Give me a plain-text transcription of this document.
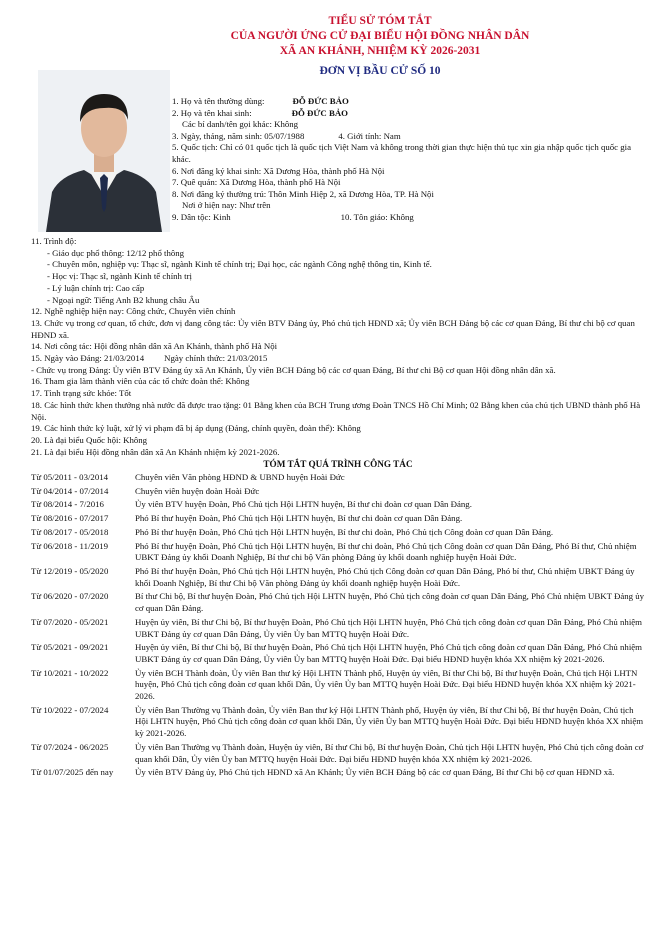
TIỂU SỬ TÓM TẮT
CỦA NGƯỜI ỨNG CỬ ĐẠI BIỂU HỘI ĐỒNG NHÂN DÂN
XÃ AN KHÁNH, NHIỆM KỲ 2026-2031
ĐƠN VỊ BẦU CỬ SỐ 10
1. Họ và tên thường dùng:	ĐỖ ĐỨC BẢO
2. Họ và tên khai sinh:	ĐỖ ĐỨC BẢO
Các bí danh/tên gọi khác: Không
3. Ngày, tháng, năm sinh: 05/07/1988	4. Giới tính: Nam
5. Quốc tịch: Chỉ có 01 quốc tịch là quốc tịch Việt Nam và không trong thời gian thực hiện thủ tục xin gia nhập quốc tịch quốc gia khác.
6. Nơi đăng ký khai sinh: Xã Dương Hòa, thành phố Hà Nội
7. Quê quán: Xã Dương Hòa, thành phố Hà Nội
8. Nơi đăng ký thường trú: Thôn Minh Hiệp 2, xã Dương Hòa, TP. Hà Nội
Nơi ở hiện nay: Như trên
9. Dân tộc: Kinh	10. Tôn giáo: Không
11. Trình độ:
- Giáo dục phổ thông: 12/12 phổ thông
- Chuyên môn, nghiệp vụ: Thạc sĩ, ngành Kinh tế chính trị; Đại học, các ngành Công nghệ thông tin, Kinh tế.
- Học vị: Thạc sĩ, ngành Kinh tế chính trị
- Lý luận chính trị: Cao cấp
- Ngoại ngữ: Tiếng Anh B2 khung châu Âu
12. Nghề nghiệp hiện nay: Công chức, Chuyên viên chính
13. Chức vụ trong cơ quan, tổ chức, đơn vị đang công tác: Ủy viên BTV Đảng ủy, Phó chủ tịch HĐND xã; Ủy viên BCH Đảng bộ các cơ quan Đảng, Bí thư chi bộ cơ quan HĐND xã.
14. Nơi công tác: Hội đồng nhân dân xã An Khánh, thành phố Hà Nội
15. Ngày vào Đảng: 21/03/2014 Ngày chính thức: 21/03/2015
- Chức vụ trong Đảng: Ủy viên BTV Đảng ủy xã An Khánh, Ủy viên BCH Đảng bộ các cơ quan Đảng, Bí thư chi Bộ cơ quan Hội đồng nhân dân xã.
16. Tham gia làm thành viên của các tổ chức đoàn thể: Không
17. Tình trạng sức khỏe: Tốt
18. Các hình thức khen thưởng nhà nước đã được trao tặng: 01 Bằng khen của BCH Trung ương Đoàn TNCS Hồ Chí Minh; 02 Bằng khen của chủ tịch UBND thành phố Hà Nội.
19. Các hình thức kỷ luật, xử lý vi phạm đã bị áp dụng (Đảng, chính quyền, đoàn thể): Không
20. Là đại biểu Quốc hội: Không
21. Là đại biểu Hội đồng nhân dân xã An Khánh nhiệm kỳ 2021-2026.
TÓM TẮT QUÁ TRÌNH CÔNG TÁC
Từ 05/2011 - 03/2014	Chuyên viên Văn phòng HĐND & UBND huyện Hoài Đức
Từ 04/2014 - 07/2014	Chuyên viên huyện đoàn Hoài Đức
Từ 08/2014 - 7/2016	Ủy viên BTV huyện Đoàn, Phó Chủ tịch Hội LHTN huyện, Bí thư chi đoàn cơ quan Dân Đảng.
Từ 08/2016 - 07/2017	Phó Bí thư huyện Đoàn, Phó Chủ tịch Hội LHTN huyện, Bí thư chi đoàn cơ quan Dân Đảng.
Từ 08/2017 - 05/2018	Phó Bí thư huyện Đoàn, Phó Chủ tịch Hội LHTN huyện, Bí thư chi đoàn, Phó Chủ tịch Công đoàn cơ quan Dân Đảng.
Từ 06/2018 - 11/2019	Phó Bí thư huyện Đoàn, Phó Chủ tịch Hội LHTN huyện, Bí thư chi đoàn, Phó Chủ tịch Công đoàn cơ quan Dân Đảng, Phó Bí thư, Chủ nhiệm UBKT Đảng ủy khối Doanh Nghiệp, Bí thư chi bộ Văn phòng Đảng ủy khối doanh nghiệp huyện Hoài Đức.
Từ 12/2019 - 05/2020	Phó Bí thư huyện Đoàn, Phó Chủ tịch Hội LHTN huyện, Phó Chủ tịch Công đoàn cơ quan Dân Đảng, Phó bí thư, Chủ nhiệm UBKT Đảng ủy khối Doanh Nghiệp, Bí thư Chi bộ Văn phòng Đảng ủy khối doanh nghiệp huyện Hoài Đức.
Từ 06/2020 - 07/2020	Bí thư Chi bộ, Bí thư huyện Đoàn, Phó Chủ tịch Hội LHTN huyện, Phó Chủ tịch công đoàn cơ quan Dân Đảng, Phó Chủ nhiệm UBKT Đảng ủy cơ quan Dân Đảng.
Từ 07/2020 - 05/2021	Huyện ủy viên, Bí thư Chi bộ, Bí thư huyện Đoàn, Phó Chủ tịch Hội LHTN huyện, Phó Chủ tịch công đoàn cơ quan Dân Đảng, Phó Chủ nhiệm UBKT Đảng ủy cơ quan Dân Đảng, Ủy viên Ủy ban MTTQ huyện Hoài Đức.
Từ 05/2021 - 09/2021	Huyện ủy viên, Bí thư Chi bộ, Bí thư huyện Đoàn, Phó Chủ tịch Hội LHTN huyện, Phó Chủ tịch công đoàn cơ quan Dân Đảng, Phó Chủ nhiệm UBKT Đảng ủy cơ quan Dân Đảng, Ủy viên Ủy ban MTTQ huyện Hoài Đức. Đại biểu HĐND huyện khóa XX nhiệm kỳ 2021-2026.
Từ 10/2021 - 10/2022	Ủy viên BCH Thành đoàn, Ủy viên Ban thư ký Hội LHTN Thành phố, Huyện ủy viên, Bí thư Chi bộ, Bí thư huyện Đoàn, Chủ tịch Hội LHTN huyện, Phó Chủ tịch công đoàn cơ quan khối Dân, Ủy viên Ủy ban MTTQ huyện Hoài Đức. Đại biểu HĐND huyện khóa XX nhiệm kỳ 2021-2026.
Từ 10/2022 - 07/2024	Ủy viên Ban Thường vụ Thành đoàn, Ủy viên Ban thư ký Hội LHTN Thành phố, Huyện ủy viên, Bí thư Chi bộ, Bí thư huyện Đoàn, Chủ tịch Hội LHTN huyện, Phó Chủ tịch công đoàn cơ quan khối Dân, Ủy viên Ủy ban MTTQ huyện Hoài Đức. Đại biểu HĐND huyện khóa XX nhiệm kỳ 2021-2026.
Từ 07/2024 - 06/2025	Ủy viên Ban Thường vụ Thành đoàn, Huyện ủy viên, Bí thư Chi bộ, Bí thư huyện Đoàn, Chủ tịch Hội LHTN huyện, Phó Chủ tịch công đoàn cơ quan khối Dân, Ủy viên Ủy ban MTTQ huyện Hoài Đức. Đại biểu HĐND huyện khóa XX nhiệm kỳ 2021-2026.
Từ 01/07/2025 đến nay	Ủy viên BTV Đảng ủy, Phó Chủ tịch HĐND xã An Khánh; Ủy viên BCH Đảng bộ các cơ quan Đảng, Bí thư Chi bộ cơ quan HĐND xã.
